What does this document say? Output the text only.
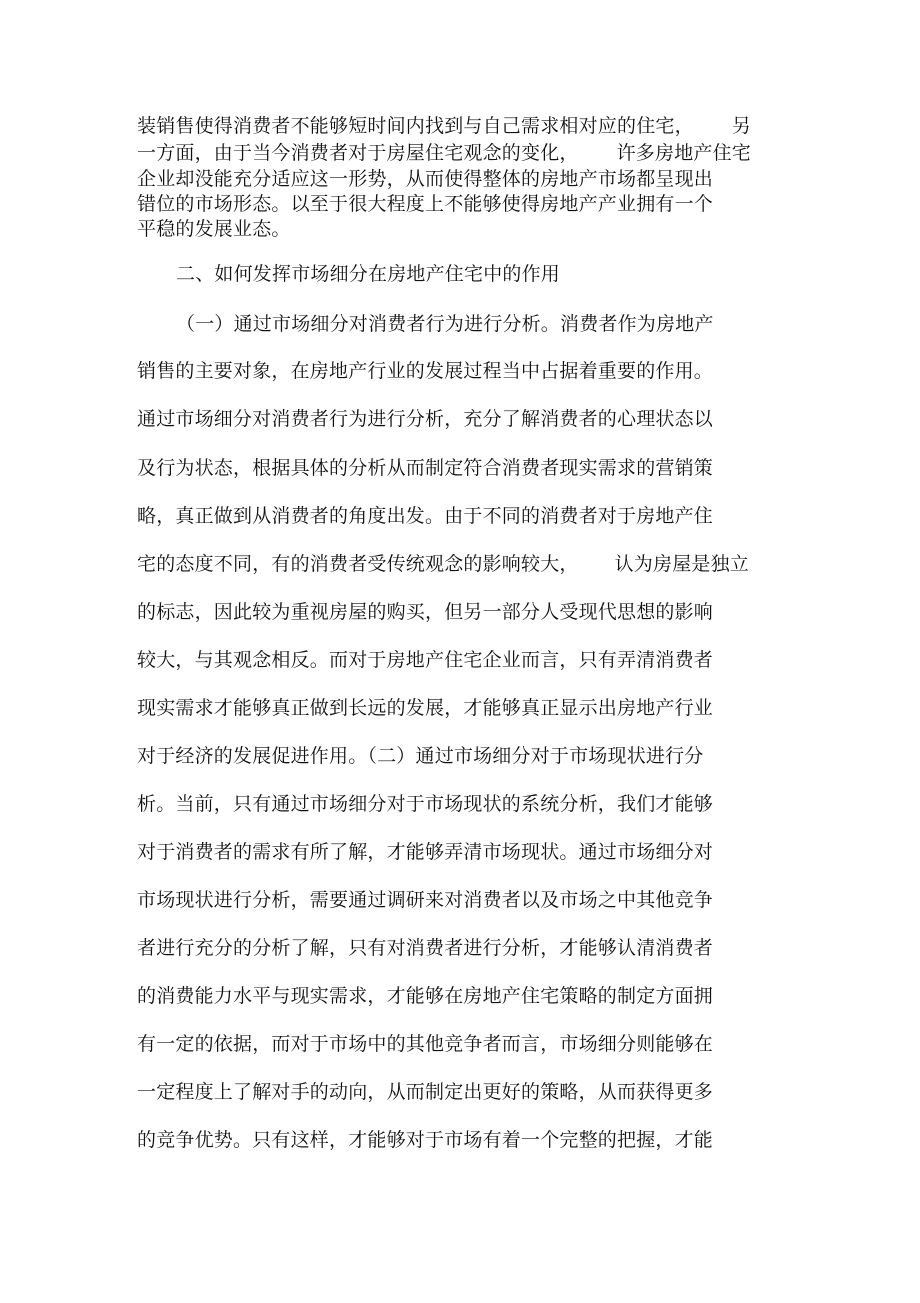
装销售使得消费者不能够短时间内找到与自己需求相对应的住宅， 另
一方面，由于当今消费者对于房屋住宅观念的变化， 许多房地产住宅
企业却没能充分适应这一形势，从而使得整体的房地产市场都呈现出
错位的市场形态。以至于很大程度上不能够使得房地产产业拥有一个
平稳的发展业态。
二、如何发挥市场细分在房地产住宅中的作用
（一）通过市场细分对消费者行为进行分析。消费者作为房地产
销售的主要对象，在房地产行业的发展过程当中占据着重要的作用。
通过市场细分对消费者行为进行分析，充分了解消费者的心理状态以
及行为状态，根据具体的分析从而制定符合消费者现实需求的营销策
略，真正做到从消费者的角度出发。由于不同的消费者对于房地产住
宅的态度不同，有的消费者受传统观念的影响较大， 认为房屋是独立
的标志，因此较为重视房屋的购买，但另一部分人受现代思想的影响
较大，与其观念相反。而对于房地产住宅企业而言，只有弄清消费者
现实需求才能够真正做到长远的发展，才能够真正显示出房地产行业
对于经济的发展促进作用。（二）通过市场细分对于市场现状进行分
析。当前，只有通过市场细分对于市场现状的系统分析，我们才能够
对于消费者的需求有所了解，才能够弄清市场现状。通过市场细分对
市场现状进行分析，需要通过调研来对消费者以及市场之中其他竞争
者进行充分的分析了解，只有对消费者进行分析，才能够认清消费者
的消费能力水平与现实需求，才能够在房地产住宅策略的制定方面拥
有一定的依据，而对于市场中的其他竞争者而言，市场细分则能够在
一定程度上了解对手的动向，从而制定出更好的策略，从而获得更多
的竞争优势。只有这样，才能够对于市场有着一个完整的把握，才能
